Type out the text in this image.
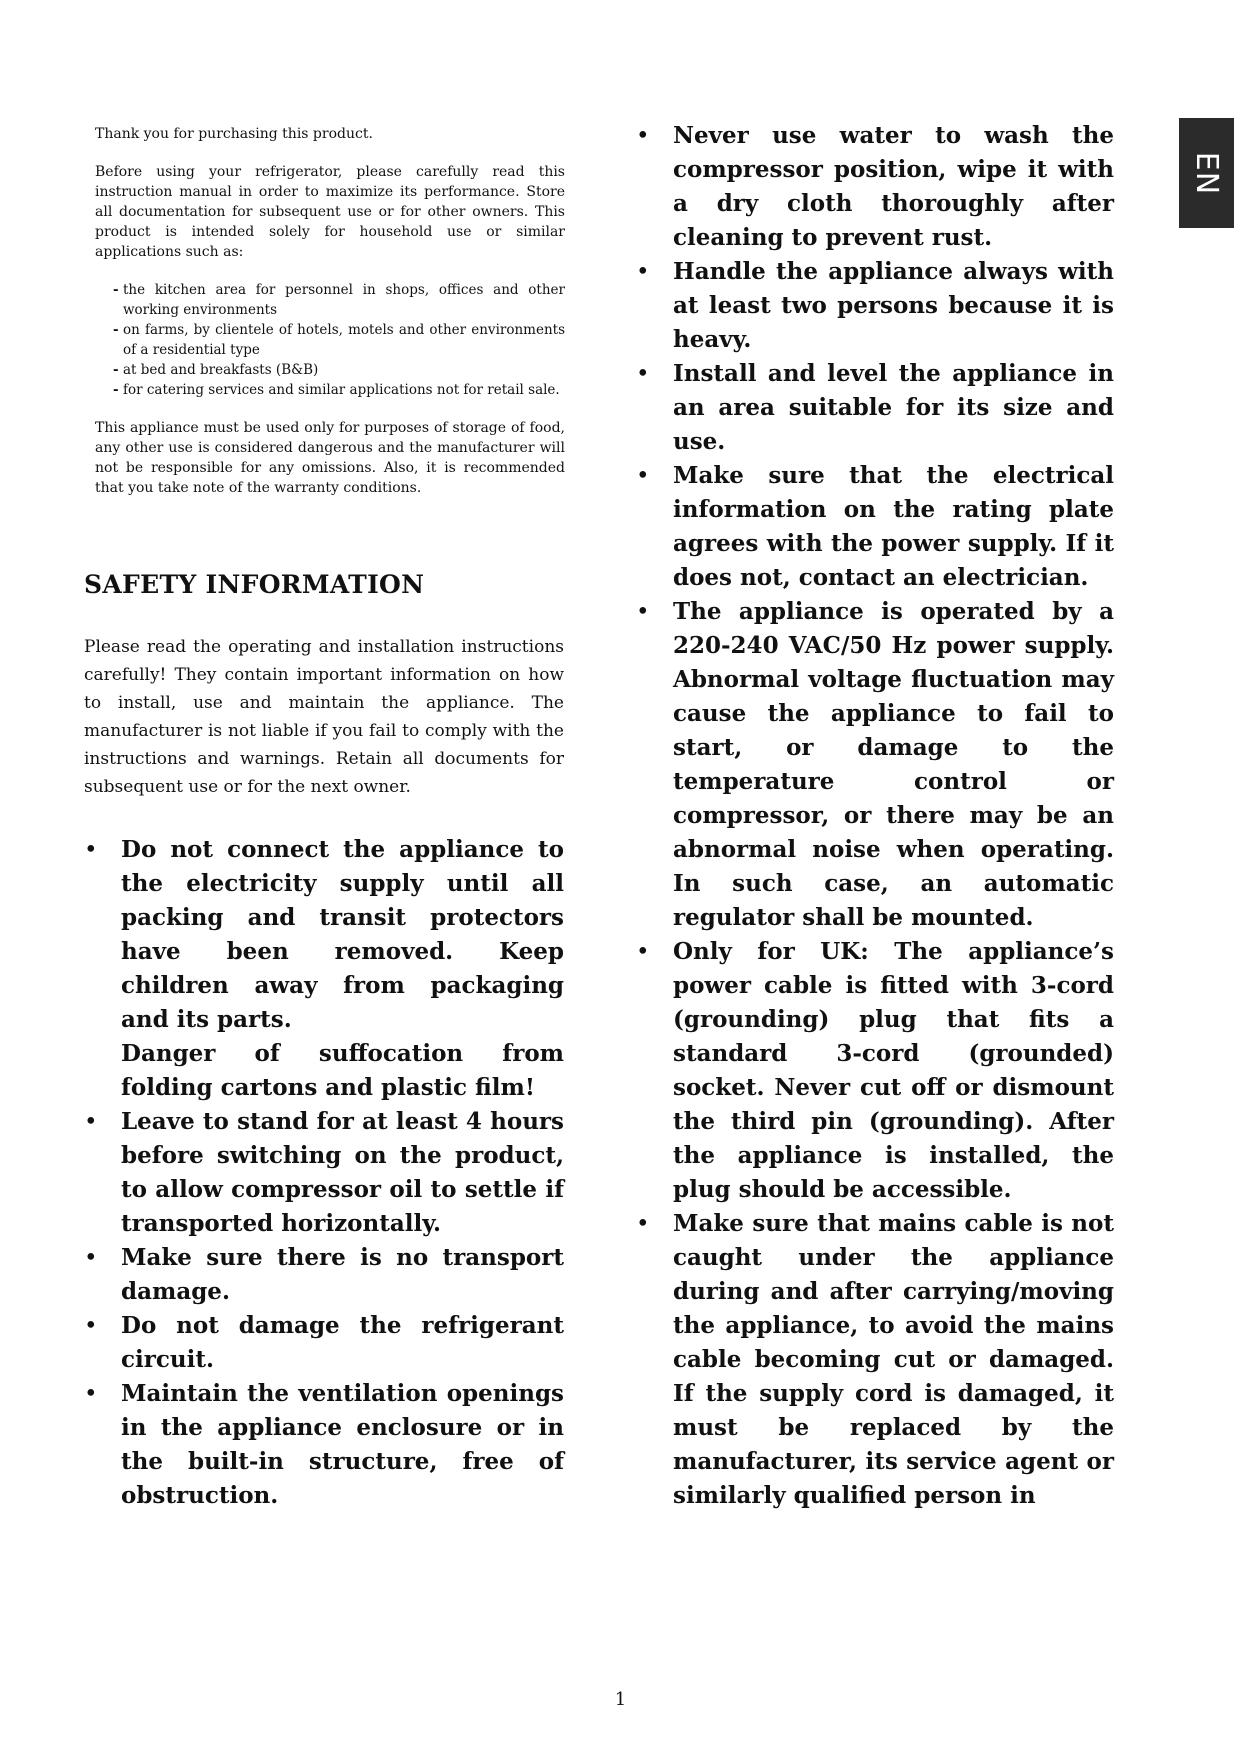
EN

Thank you for purchasing this product.

Before using your refrigerator, please carefully read this instruction manual in order to maximize its performance. Store all documentation for subsequent use or for other owners. This product is intended solely for household use or similar applications such as:

- the kitchen area for personnel in shops, offices and other working environments
- on farms, by clientele of hotels, motels and other environments of a residential type
- at bed and breakfasts (B&B)
- for catering services and similar applications not for retail sale.

This appliance must be used only for purposes of storage of food, any other use is considered dangerous and the manufacturer will not be responsible for any omissions. Also, it is recommended that you take note of the warranty conditions.

SAFETY INFORMATION

Please read the operating and installation instructions carefully! They contain important information on how to install, use and maintain the appliance. The manufacturer is not liable if you fail to comply with the instructions and warnings. Retain all documents for subsequent use or for the next owner.

• Do not connect the appliance to the electricity supply until all packing and transit protectors have been removed. Keep children away from packaging and its parts.
Danger of suffocation from folding cartons and plastic film!
• Leave to stand for at least 4 hours before switching on the product, to allow compressor oil to settle if transported horizontally.
• Make sure there is no transport damage.
• Do not damage the refrigerant circuit.
• Maintain the ventilation openings in the appliance enclosure or in the built-in structure, free of obstruction.
• Never use water to wash the compressor position, wipe it with a dry cloth thoroughly after cleaning to prevent rust.
• Handle the appliance always with at least two persons because it is heavy.
• Install and level the appliance in an area suitable for its size and use.
• Make sure that the electrical information on the rating plate agrees with the power supply. If it does not, contact an electrician.
• The appliance is operated by a 220-240 VAC/50 Hz power supply. Abnormal voltage fluctuation may cause the appliance to fail to start, or damage to the temperature control or compressor, or there may be an abnormal noise when operating. In such case, an automatic regulator shall be mounted.
• Only for UK: The appliance’s power cable is fitted with 3-cord (grounding) plug that fits a standard 3-cord (grounded) socket. Never cut off or dismount the third pin (grounding). After the appliance is installed, the plug should be accessible.
• Make sure that mains cable is not caught under the appliance during and after carrying/moving the appliance, to avoid the mains cable becoming cut or damaged. If the supply cord is damaged, it must be replaced by the manufacturer, its service agent or similarly qualified person in
1
